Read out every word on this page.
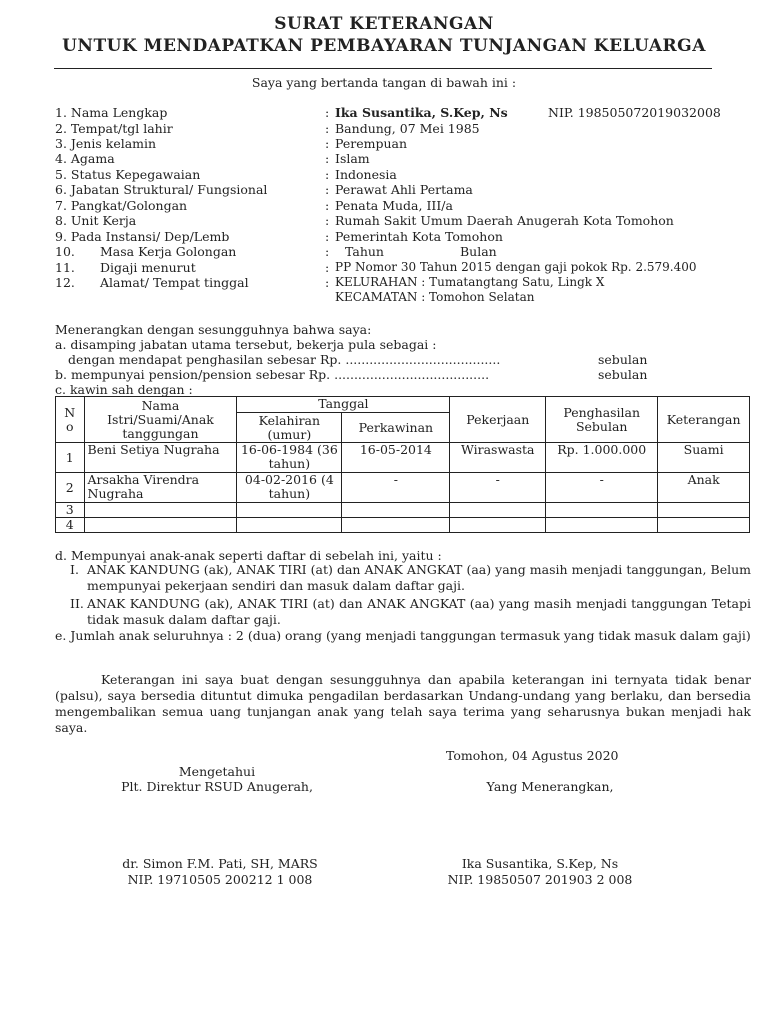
SURAT KETERANGAN
UNTUK MENDAPATKAN PEMBAYARAN TUNJANGAN KELUARGA
Saya yang bertanda tangan di bawah ini :
1. Nama Lengkap	: Ika Susantika, S.Kep, Ns	NIP. 198505072019032008
2. Tempat/tgl lahir	: Bandung, 07 Mei 1985
3. Jenis kelamin	: Perempuan
4. Agama	: Islam
5. Status Kepegawaian	: Indonesia
6. Jabatan Struktural/ Fungsional	: Perawat Ahli Pertama
7. Pangkat/Golongan	: Penata Muda, III/a
8. Unit Kerja	: Rumah Sakit Umum Daerah Anugerah Kota Tomohon
9. Pada Instansi/ Dep/Lemb	: Pemerintah Kota Tomohon
10. Masa Kerja Golongan	: Tahun	Bulan
11. Digaji menurut	: PP Nomor 30 Tahun 2015 dengan gaji pokok Rp. 2.579.400
12. Alamat/ Tempat tinggal	: KELURAHAN : Tumatangtang Satu, Lingk X
KECAMATAN : Tomohon Selatan
Menerangkan dengan sesungguhnya bahwa saya:
a. disamping jabatan utama tersebut, bekerja pula sebagai :
dengan mendapat penghasilan sebesar Rp. .......................................	sebulan
b. mempunyai pension/pension sebesar Rp. .......................................	sebulan
c. kawin sah dengan :
N o	Nama Istri/Suami/Anak tanggungan	Tanggal		Pekerjaan	Penghasilan Sebulan	Keterangan
		Kelahiran (umur)	Perkawinan			
1	Beni Setiya Nugraha	16-06-1984 (36 tahun)	16-05-2014	Wiraswasta	Rp. 1.000.000	Suami
2	Arsakha Virendra Nugraha	04-02-2016 (4 tahun)	-	-	-	Anak
3						
4						
d. Mempunyai anak-anak seperti daftar di sebelah ini, yaitu :
I. ANAK KANDUNG (ak), ANAK TIRI (at) dan ANAK ANGKAT (aa) yang masih menjadi tanggungan, Belum mempunyai pekerjaan sendiri dan masuk dalam daftar gaji.
II. ANAK KANDUNG (ak), ANAK TIRI (at) dan ANAK ANGKAT (aa) yang masih menjadi tanggungan Tetapi tidak masuk dalam daftar gaji.
e. Jumlah anak seluruhnya : 2 (dua) orang (yang menjadi tanggungan termasuk yang tidak masuk dalam gaji)
Keterangan ini saya buat dengan sesungguhnya dan apabila keterangan ini ternyata tidak benar (palsu), saya bersedia dituntut dimuka pengadilan berdasarkan Undang-undang yang berlaku, dan bersedia mengembalikan semua uang tunjangan anak yang telah saya terima yang seharusnya bukan menjadi hak saya.
Tomohon, 04 Agustus 2020
Mengetahui
Plt. Direktur RSUD Anugerah,	Yang Menerangkan,
dr. Simon F.M. Pati, SH, MARS
NIP. 19710505 200212 1 008
Ika Susantika, S.Kep, Ns
NIP. 19850507 201903 2 008
